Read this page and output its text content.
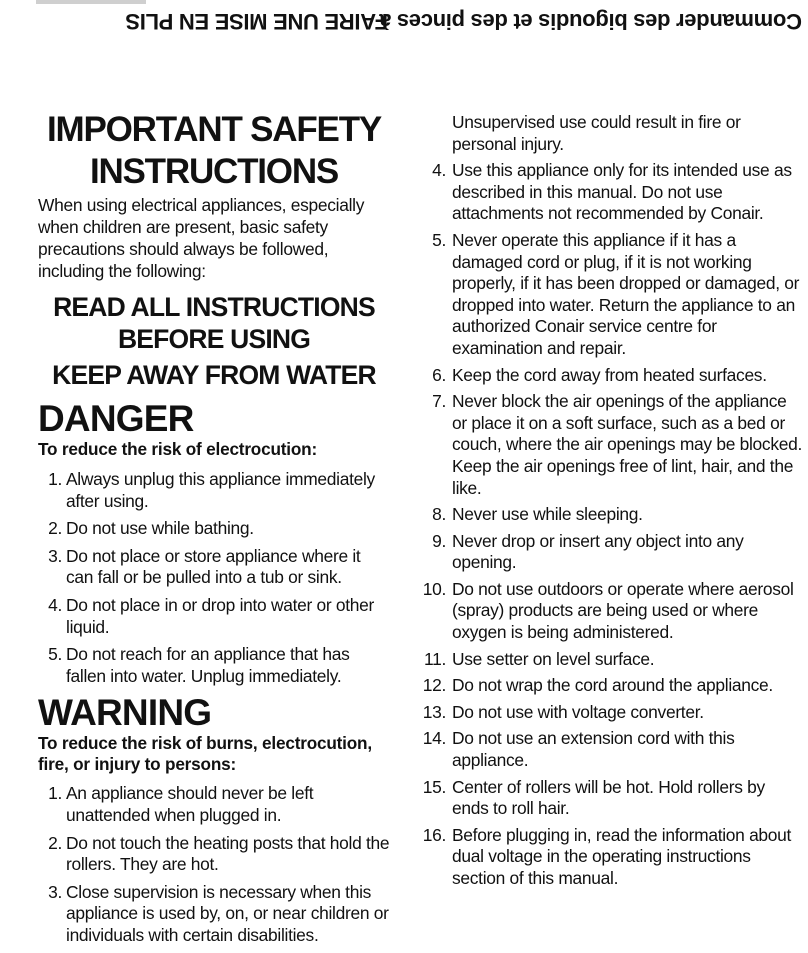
FAIRE UNE MISE EN PLIS
Commander des bigoudis et des pinces à
IMPORTANT SAFETY
INSTRUCTIONS

When using electrical appliances, especially when children are present, basic safety precautions should always be followed, including the following:

READ ALL INSTRUCTIONS
BEFORE USING
KEEP AWAY FROM WATER
DANGER
To reduce the risk of electrocution:
1. Always unplug this appliance immediately after using.
2. Do not use while bathing.
3. Do not place or store appliance where it can fall or be pulled into a tub or sink.
4. Do not place in or drop into water or other liquid.
5. Do not reach for an appliance that has fallen into water. Unplug immediately.
WARNING
To reduce the risk of burns, electrocution, fire, or injury to persons:
1. An appliance should never be left unattended when plugged in.
2. Do not touch the heating posts that hold the rollers. They are hot.
3. Close supervision is necessary when this appliance is used by, on, or near children or individuals with certain disabilities.
Unsupervised use could result in fire or personal injury.
4. Use this appliance only for its intended use as described in this manual. Do not use attachments not recommended by Conair.
5. Never operate this appliance if it has a damaged cord or plug, if it is not working properly, if it has been dropped or damaged, or dropped into water. Return the appliance to an authorized Conair service centre for examination and repair.
6. Keep the cord away from heated surfaces.
7. Never block the air openings of the appliance or place it on a soft surface, such as a bed or couch, where the air openings may be blocked. Keep the air openings free of lint, hair, and the like.
8. Never use while sleeping.
9. Never drop or insert any object into any opening.
10. Do not use outdoors or operate where aerosol (spray) products are being used or where oxygen is being administered.
11. Use setter on level surface.
12. Do not wrap the cord around the appliance.
13. Do not use with voltage converter.
14. Do not use an extension cord with this appliance.
15. Center of rollers will be hot. Hold rollers by ends to roll hair.
16. Before plugging in, read the information about dual voltage in the operating instructions section of this manual.
